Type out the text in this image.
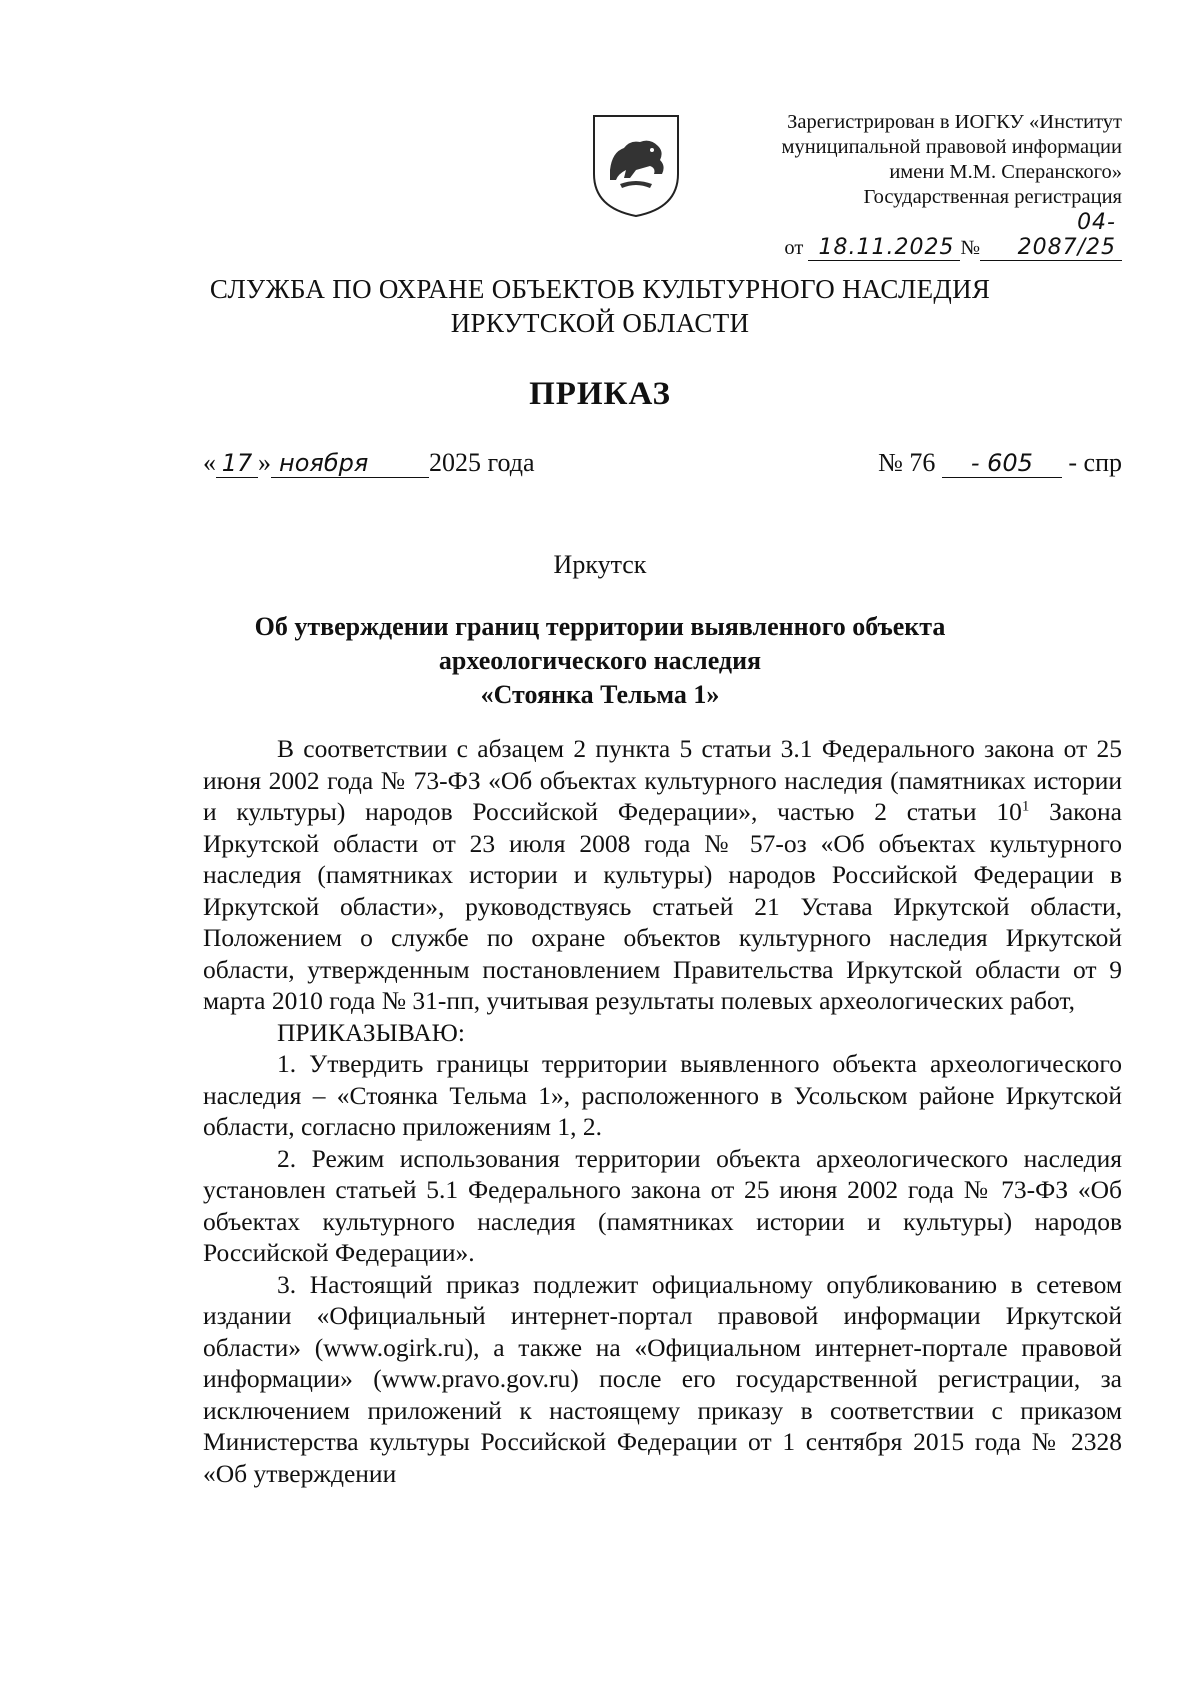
Зарегистрирован в ИОГКУ «Институт
муниципальной правовой информации
имени М.М. Сперанского»
Государственная регистрация
от 18.11.2025 №04-2087/25
СЛУЖБА ПО ОХРАНЕ ОБЪЕКТОВ КУЛЬТУРНОГО НАСЛЕДИЯ
ИРКУТСКОЙ ОБЛАСТИ
ПРИКАЗ
« 17 » ноября 2025 года	№ 76 - 605 - спр
Иркутск
Об утверждении границ территории выявленного объекта
археологического наследия
«Стоянка Тельма 1»

В соответствии с абзацем 2 пункта 5 статьи 3.1 Федерального закона от 25 июня 2002 года № 73-ФЗ «Об объектах культурного наследия (памятниках истории и культуры) народов Российской Федерации», частью 2 статьи $10^1$ Закона Иркутской области от 23 июля 2008 года № 57-оз «Об объектах культурного наследия (памятниках истории и культуры) народов Российской Федерации в Иркутской области», руководствуясь статьей 21 Устава Иркутской области, Положением о службе по охране объектов культурного наследия Иркутской области, утвержденным постановлением Правительства Иркутской области от 9 марта 2010 года № 31-пп, учитывая результаты полевых археологических работ,

ПРИКАЗЫВАЮ:

1. Утвердить границы территории выявленного объекта археологического наследия – «Стоянка Тельма 1», расположенного в Усольском районе Иркутской области, согласно приложениям 1, 2.

2. Режим использования территории объекта археологического наследия установлен статьей 5.1 Федерального закона от 25 июня 2002 года № 73-ФЗ «Об объектах культурного наследия (памятниках истории и культуры) народов Российской Федерации».

3. Настоящий приказ подлежит официальному опубликованию в сетевом издании «Официальный интернет-портал правовой информации Иркутской области» (www.ogirk.ru), а также на «Официальном интернет-портале правовой информации» (www.pravo.gov.ru) после его государственной регистрации, за исключением приложений к настоящему приказу в соответствии с приказом Министерства культуры Российской Федерации от 1 сентября 2015 года № 2328 «Об утверждении
